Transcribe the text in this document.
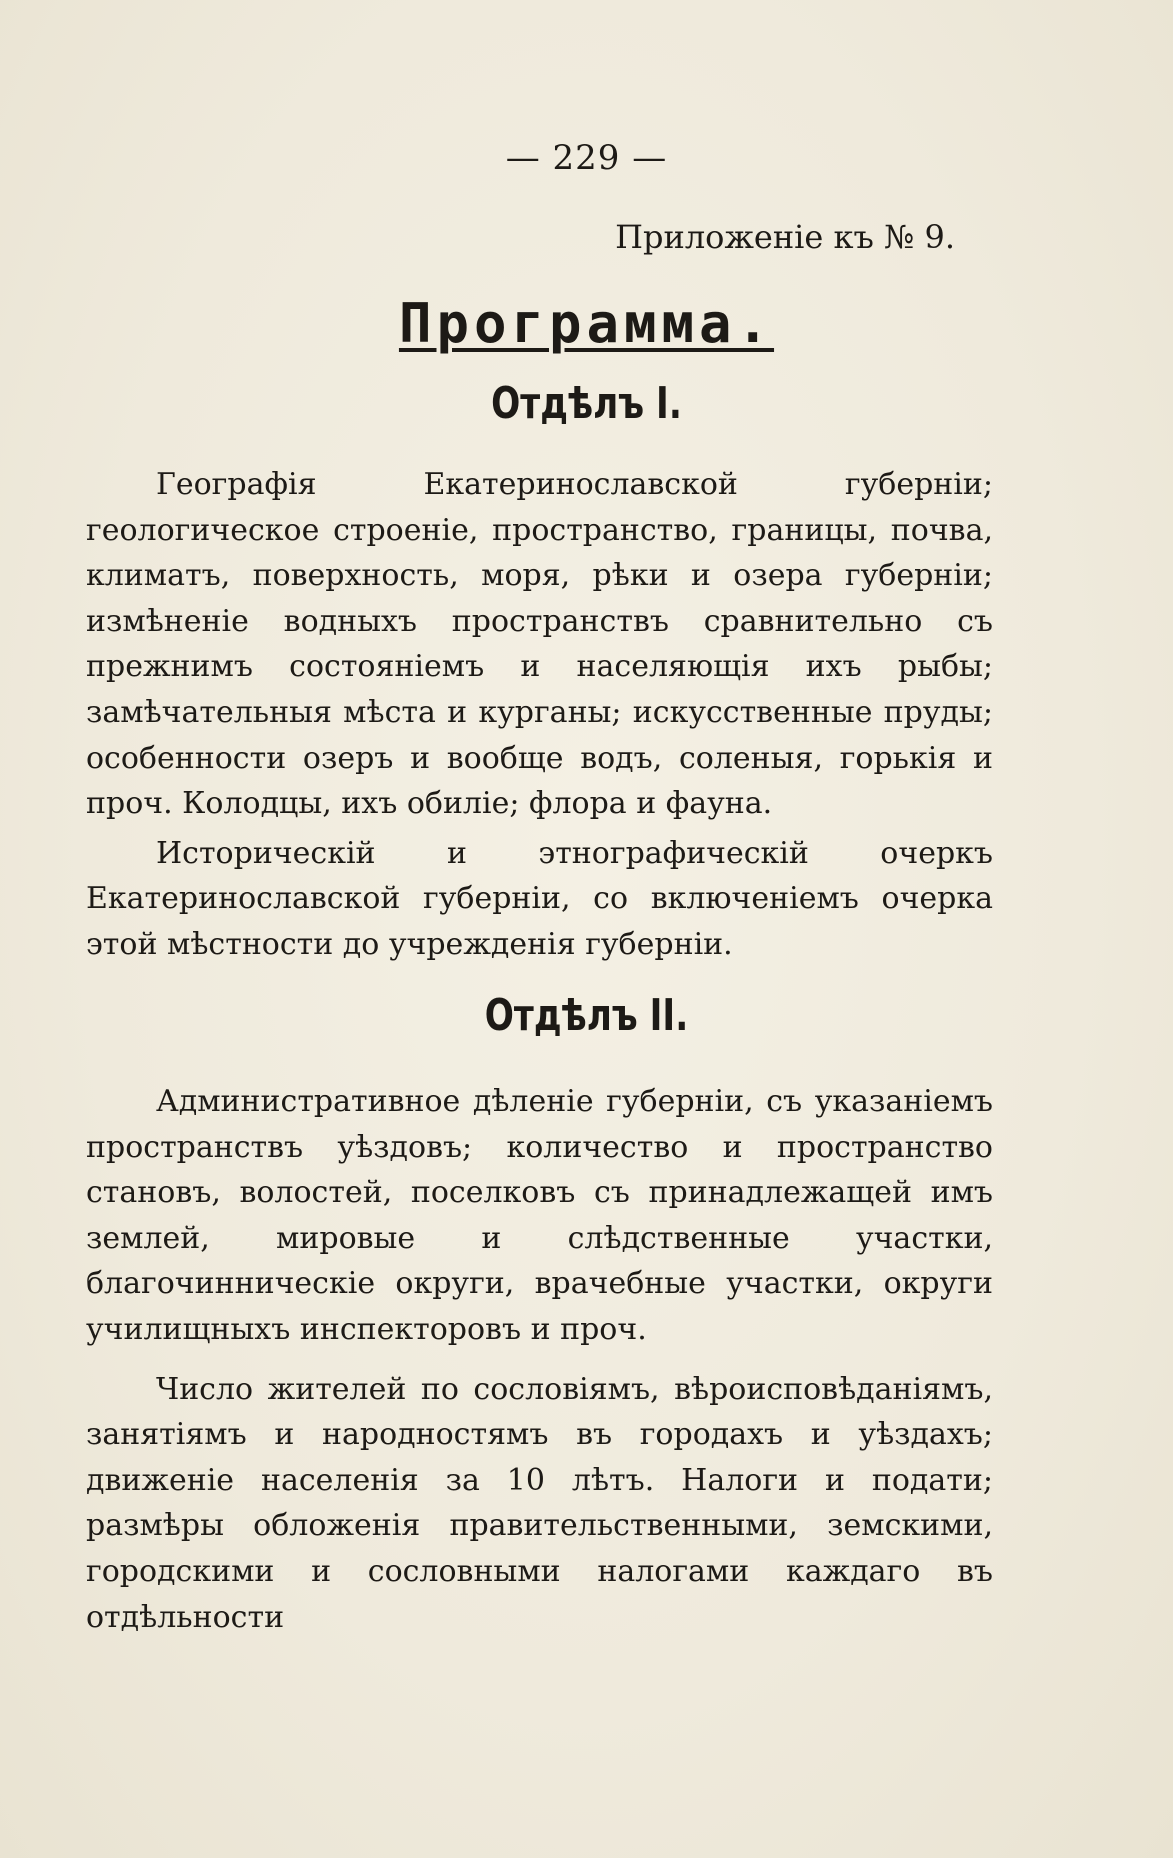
— 229 —
Приложеніе къ № 9.
Программа.
Отдѣлъ I.

Географія Екатеринославской губерніи; геологическое строеніе, пространство, границы, почва, климатъ, поверхность, моря, рѣки и озера губерніи; измѣненіе водныхъ пространствъ сравнительно съ прежнимъ состояніемъ и населяющія ихъ рыбы; замѣчательныя мѣста и курганы; искусственные пруды; особенности озеръ и вообще водъ, соленыя, горькія и проч. Колодцы, ихъ обиліе; флора и фауна.

Историческій и этнографическій очеркъ Екатеринославской губерніи, со включеніемъ очерка этой мѣстности до учрежденія губерніи.

Отдѣлъ II.

Административное дѣленіе губерніи, съ указаніемъ пространствъ уѣздовъ; количество и пространство становъ, волостей, поселковъ съ принадлежащей имъ землей, мировые и слѣдственные участки, благочинническіе округи, врачебные участки, округи училищныхъ инспекторовъ и проч.

Число жителей по сословіямъ, вѣроисповѣданіямъ, занятіямъ и народностямъ въ городахъ и уѣздахъ; движеніе населенія за 10 лѣтъ. Налоги и подати; размѣры обложенія правительственными, земскими, городскими и сословными налогами каждаго въ отдѣльности
